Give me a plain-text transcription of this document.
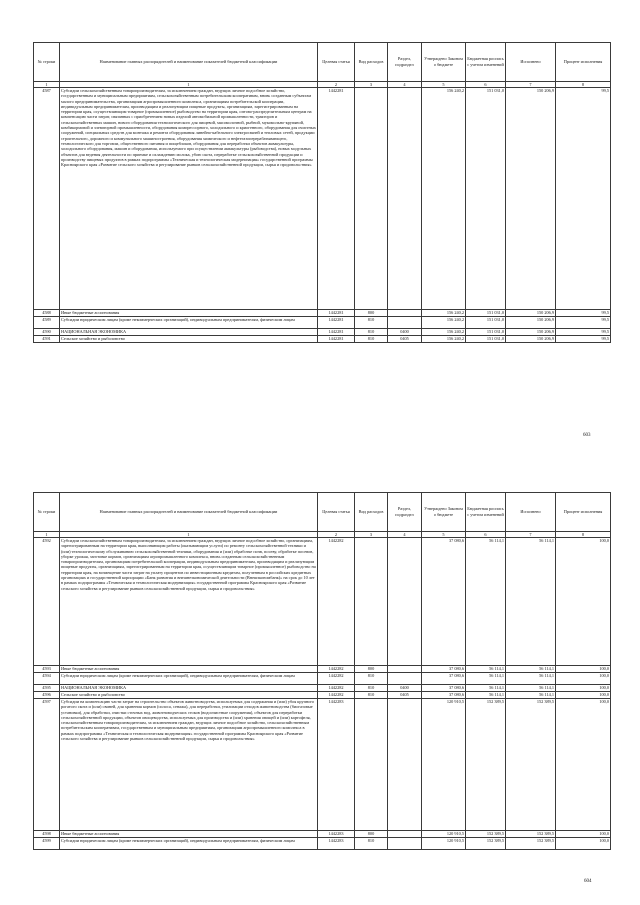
№ строки	Наименование главных распорядителей и наименование показателей бюджетной классификации	Целевая статья	Вид расходов	Раздел, подраздел	Утверждено Законом о бюджете	Бюджетная роспись с учетом изменений	Исполнено	Процент исполнения
1	1	2	3	4	5	6	7	8
4587	Субсидии сельскохозяйственным товаропроизводителям, за исключением граждан, ведущих личное подсобное хозяйство, государственным и муниципальным предприятиям, сельскохозяйственным потребительским кооперативам, вновь созданным субъектам малого предпринимательства, организациям агропромышленного комплекса, организациям потребительской кооперации, индивидуальным предпринимателям, производящим и реализующим пищевые продукты, организациям, зарегистрированным на территории края, осуществляющим товарное (промышленное) рыбоводство на территории края, оптово-распределительным центрам на компенсацию части затрат, связанных с приобретением новых изделий автомобильной промышленности, тракторов и сельскохозяйственных машин, нового оборудования технологического для пищевой, мясомолочной, рыбной, мукомольно-крупяной, комбикормовой и элеваторной промышленности, оборудования компрессорного, холодильного и криогенного, оборудования для очистных сооружений, специальных средств для монтажа и ремонта оборудования линейно-кабельного электросвязей и тепловых сетей, продукции строительного, дорожного и коммунального машиностроения, оборудования химического и нефтегазоперерабатывающего, технологического для торговли, общественного питания и пищеблоков, оборудования для переработки объектов аквакультуры, холодильного оборудования, машин и оборудования, используемого при осуществлении аквакультуры (рыбоводства), новых модульных объектов для ведения деятельности по приемке и охлаждению молока, убою скота, переработке сельскохозяйственной продукции и производству пищевых продуктов в рамках подпрограммы «Техническая и технологическая модернизация» государственной программы Красноярского края «Развитие сельского хозяйства и регулирование рынков сельскохозяйственной продукции, сырья и продовольствия»	1442281			156 240,2	151 031,0	150 206,9	99,5
4588	Иные бюджетные ассигнования	1442281	800		156 240,2	151 031,0	150 206,9	99,5
4589	Субсидии юридическим лицам (кроме некоммерческих организаций), индивидуальным предпринимателям, физическим лицам	1442281	810		156 240,2	151 031,0	150 206,9	99,5
4590	НАЦИОНАЛЬНАЯ ЭКОНОМИКА	1442281	810	0400	156 240,2	151 031,0	150 206,9	99,5
4591	Сельское хозяйство и рыболовство	1442281	810	0405	156 240,2	151 031,0	150 206,9	99,5
603
№ строки	Наименование главных распорядителей и наименование показателей бюджетной классификации	Целевая статья	Вид расходов	Раздел, подраздел	Утверждено Законом о бюджете	Бюджетная роспись с учетом изменений	Исполнено	Процент исполнения
1	1	2	3	4	5	6	7	8
4592	Субсидии сельскохозяйственным товаропроизводителям, за исключением граждан, ведущих личное подсобное хозяйство, организациям, зарегистрированным на территории края, выполняющим работы (оказывающим услуги) по ремонту сельскохозяйственной техники и (или) технологическому обслуживанию сельскохозяйственной техники, оборудования и (или) обработке почв, посеву, обработке посевов, уборке урожая, заготовке кормов, организациям агропромышленного комплекса, вновь созданным сельскохозяйственным товаропроизводителям, организациям потребительской кооперации, индивидуальным предпринимателям, производящим и реализующим пищевые продукты, организациям, зарегистрированным на территории края, осуществляющим товарное (промышленное) рыбоводство на территории края, на возмещение части затрат на уплату процентов по инвестиционным кредитам, полученным в российских кредитных организациях и государственной корпорации «Банк развития и внешнеэкономической деятельности (Внешэкономбанк)» на срок до 10 лет в рамках подпрограммы «Техническая и технологическая модернизация» государственной программы Красноярского края «Развитие сельского хозяйства и регулирование рынков сельскохозяйственной продукции, сырья и продовольствия»	1442282			37 080,6	56 114,1	56 114,1	100,0
4593	Иные бюджетные ассигнования	1442282	800		37 080,6	56 114,1	56 114,1	100,0
4594	Субсидии юридическим лицам (кроме некоммерческих организаций), индивидуальным предпринимателям, физическим лицам	1442282	810		37 080,6	56 114,1	56 114,1	100,0
4595	НАЦИОНАЛЬНАЯ ЭКОНОМИКА	1442282	810	0400	37 080,6	56 114,1	56 114,1	100,0
4596	Сельское хозяйство и рыболовство	1442282	810	0405	37 080,6	56 114,1	56 114,1	100,0
4597	Субсидии на компенсацию части затрат на строительство объектов животноводства, используемых для содержания и (или) убоя крупного рогатого скота и (или) свиней, для хранения кормов (силоса, сенажа), для переработки, утилизации отходов животноводства (биогазовые установки), для обработки, очистки сточных вод, животноводческих стоков (водоочистные сооружения), объектов для переработки сельскохозяйственной продукции, объектов овощеводства, используемых для производства и (или) хранения овощей и (или) картофеля, сельскохозяйственным товаропроизводителям, за исключением граждан, ведущих личное подсобное хозяйство, сельскохозяйственным потребительским кооперативам, государственным и муниципальным предприятиям, организациям агропромышленного комплекса в рамках подпрограммы «Техническая и технологическая модернизация» государственной программы Красноярского края «Развитие сельского хозяйства и регулирование рынков сельскохозяйственной продукции, сырья и продовольствия»	1442283			120 910,5	152 389,5	152 389,5	100,0
4598	Иные бюджетные ассигнования	1442283	800		120 910,5	152 389,5	152 389,5	100,0
4599	Субсидии юридическим лицам (кроме некоммерческих организаций), индивидуальным предпринимателям, физическим лицам	1442283	810		120 910,5	152 389,5	152 389,5	100,0
604
